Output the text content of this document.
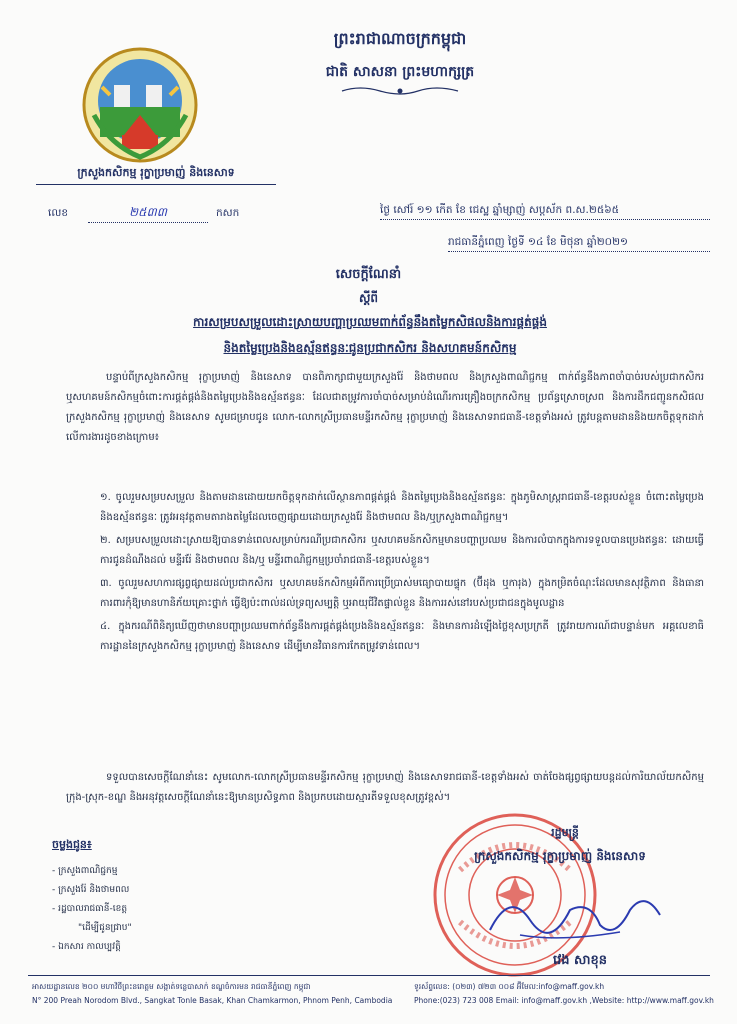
ព្រះរាជាណាចក្រកម្ពុជា
ជាតិ សាសនា ព្រះមហាក្សត្រ
ក្រសួងកសិកម្ម រុក្ខាប្រមាញ់ និងនេសាទ
លេខ	២៥៣៣	កសក	ថ្ងៃ សៅរ៍ ១១ កើត ខែ ជេស្ឋ ឆ្នាំម្សាញ់ សប្តស័ក ព.ស.២៥៦៥
រាជធានីភ្នំពេញ ថ្ងៃទី ១៤ ខែ មិថុនា ឆ្នាំ២០២១
សេចក្តីណែនាំ
ស្តីពី
ការសម្របសម្រួលដោះស្រាយបញ្ហាប្រឈមពាក់ព័ន្ធនឹងតម្លៃកសិផលនិងការផ្គត់ផ្គង់
និងតម្លៃប្រេងនិងឧស្ម័នឥន្ធនៈជូនប្រជាកសិករ និងសហគមន៍កសិកម្ម
បន្ទាប់ពីក្រសួងកសិកម្ម រុក្ខាប្រមាញ់ និងនេសាទ បានពិភាក្សាជាមួយក្រសួងរ៉ែ និងថាមពល និងក្រសួងពាណិជ្ជកម្ម ពាក់ព័ន្ធនឹងភាពចាំបាច់របស់ប្រជាកសិករ ឬសហគមន៍កសិកម្មចំពោះការផ្គត់ផ្គង់និងតម្លៃប្រេងនិងឧស្ម័នឥន្ធនៈ ដែលជាតម្រូវការចាំបាច់សម្រាប់ដំណើរការគ្រឿងចក្រកសិកម្ម ប្រព័ន្ធស្រោចស្រព និងការដឹកជញ្ជូនកសិផល ក្រសួងកសិកម្ម រុក្ខាប្រមាញ់ និងនេសាទ សូមជម្រាបជូន លោក-លោកស្រីប្រធានមន្ទីរកសិកម្ម រុក្ខាប្រមាញ់ និងនេសាទរាជធានី-ខេត្តទាំងអស់ ត្រូវបន្តតាមដាននិងយកចិត្តទុកដាក់លើការងារដូចខាងក្រោម៖
១. ចូលរួមសម្របសម្រួល និងតាមដានដោយយកចិត្តទុកដាក់លើស្ថានភាពផ្គត់ផ្គង់ និងតម្លៃប្រេងនិងឧស្ម័នឥន្ធនៈ ក្នុងភូមិសាស្ត្ររាជធានី-ខេត្តរបស់ខ្លួន ចំពោះតម្លៃប្រេងនិងឧស្ម័នឥន្ធនៈ ត្រូវអនុវត្តតាមតារាងតម្លៃដែលចេញផ្សាយដោយក្រសួងរ៉ែ និងថាមពល និង/ឬក្រសួងពាណិជ្ជកម្ម។
២. សម្របសម្រួលដោះស្រាយឱ្យបានទាន់ពេលសម្រាប់ករណីប្រជាកសិករ ឬសហគមន៍កសិកម្មមានបញ្ហាប្រឈម និងការលំបាកក្នុងការទទួលបានប្រេងឥន្ធនៈ ដោយធ្វើការជូនដំណឹងដល់ មន្ទីររ៉ែ និងថាមពល និង/ឬ មន្ទីរពាណិជ្ជកម្មប្រចាំរាជធានី-ខេត្តរបស់ខ្លួន។
៣. ចូលរួមសហការផ្សព្វផ្សាយដល់ប្រជាកសិករ ឬសហគមន៍កសិកម្មអំពីការប្រើប្រាស់មធ្យោបាយផ្ទុក (ប៊ីដុង ឬការុង) ក្នុងកម្រិតចំណុះដែលមានសុវត្ថិភាព និងធានាការពារកុំឱ្យមានហានិភ័យគ្រោះថ្នាក់ ធ្វើឱ្យប៉ះពាល់ដល់ទ្រព្យសម្បត្តិ ឬអាយុជីវិតផ្ទាល់ខ្លួន និងការរស់នៅរបស់ប្រជាជនក្នុងមូលដ្ឋាន
៤. ក្នុងករណីពិនិត្យឃើញថាមានបញ្ហាប្រឈមពាក់ព័ន្ធនឹងការផ្គត់ផ្គង់ប្រេងនិងឧស្ម័នឥន្ធនៈ និងមានការដំឡើងថ្លៃខុសប្រក្រតី ត្រូវរាយការណ៍ជាបន្ទាន់មក អគ្គលេខាធិការដ្ឋាននៃក្រសួងកសិកម្ម រុក្ខាប្រមាញ់ និងនេសាទ ដើម្បីមានវិធានការកែតម្រូវទាន់ពេល។
ទទួលបានសេចក្តីណែនាំនេះ សូមលោក-លោកស្រីប្រធានមន្ទីរកសិកម្ម រុក្ខាប្រមាញ់ និងនេសាទរាជធានី-ខេត្តទាំងអស់ ចាត់ចែងផ្សព្វផ្សាយបន្តដល់ការិយាល័យកសិកម្មក្រុង-ស្រុក-ខណ្ឌ និងអនុវត្តសេចក្តីណែនាំនេះឱ្យមានប្រសិទ្ធភាព និងប្រកបដោយស្មារតីទទួលខុសត្រូវខ្ពស់។
រដ្ឋមន្ត្រី
ក្រសួងកសិកម្ម រុក្ខាប្រមាញ់ និងនេសាទ
វេង សាខុន
ចម្លងជូន៖
- ក្រសួងពាណិជ្ជកម្ម
- ក្រសួងរ៉ែ និងថាមពល
- រដ្ឋបាលរាជធានី-ខេត្ត
"ដើម្បីជូនជ្រាប"
- ឯកសារ កាលប្បវត្តិ
អាសយដ្ឋានលេខ ២០០ មហាវិថីព្រះនរោត្តម សង្កាត់ទន្លេបាសាក់ ខណ្ឌចំការមន រាជធានីភ្នំពេញ កម្ពុជា
N° 200 Preah Norodom Blvd., Sangkat Tonle Basak, Khan Chamkarmon, Phnom Penh, Cambodia
ទូរស័ព្ទលេខ: (០២៣) ៧២៣ ០០៨ អ៊ីមែល:info@maff.gov.kh
Phone:(023) 723 008 Email: info@maff.gov.kh ,Website: http://www.maff.gov.kh
